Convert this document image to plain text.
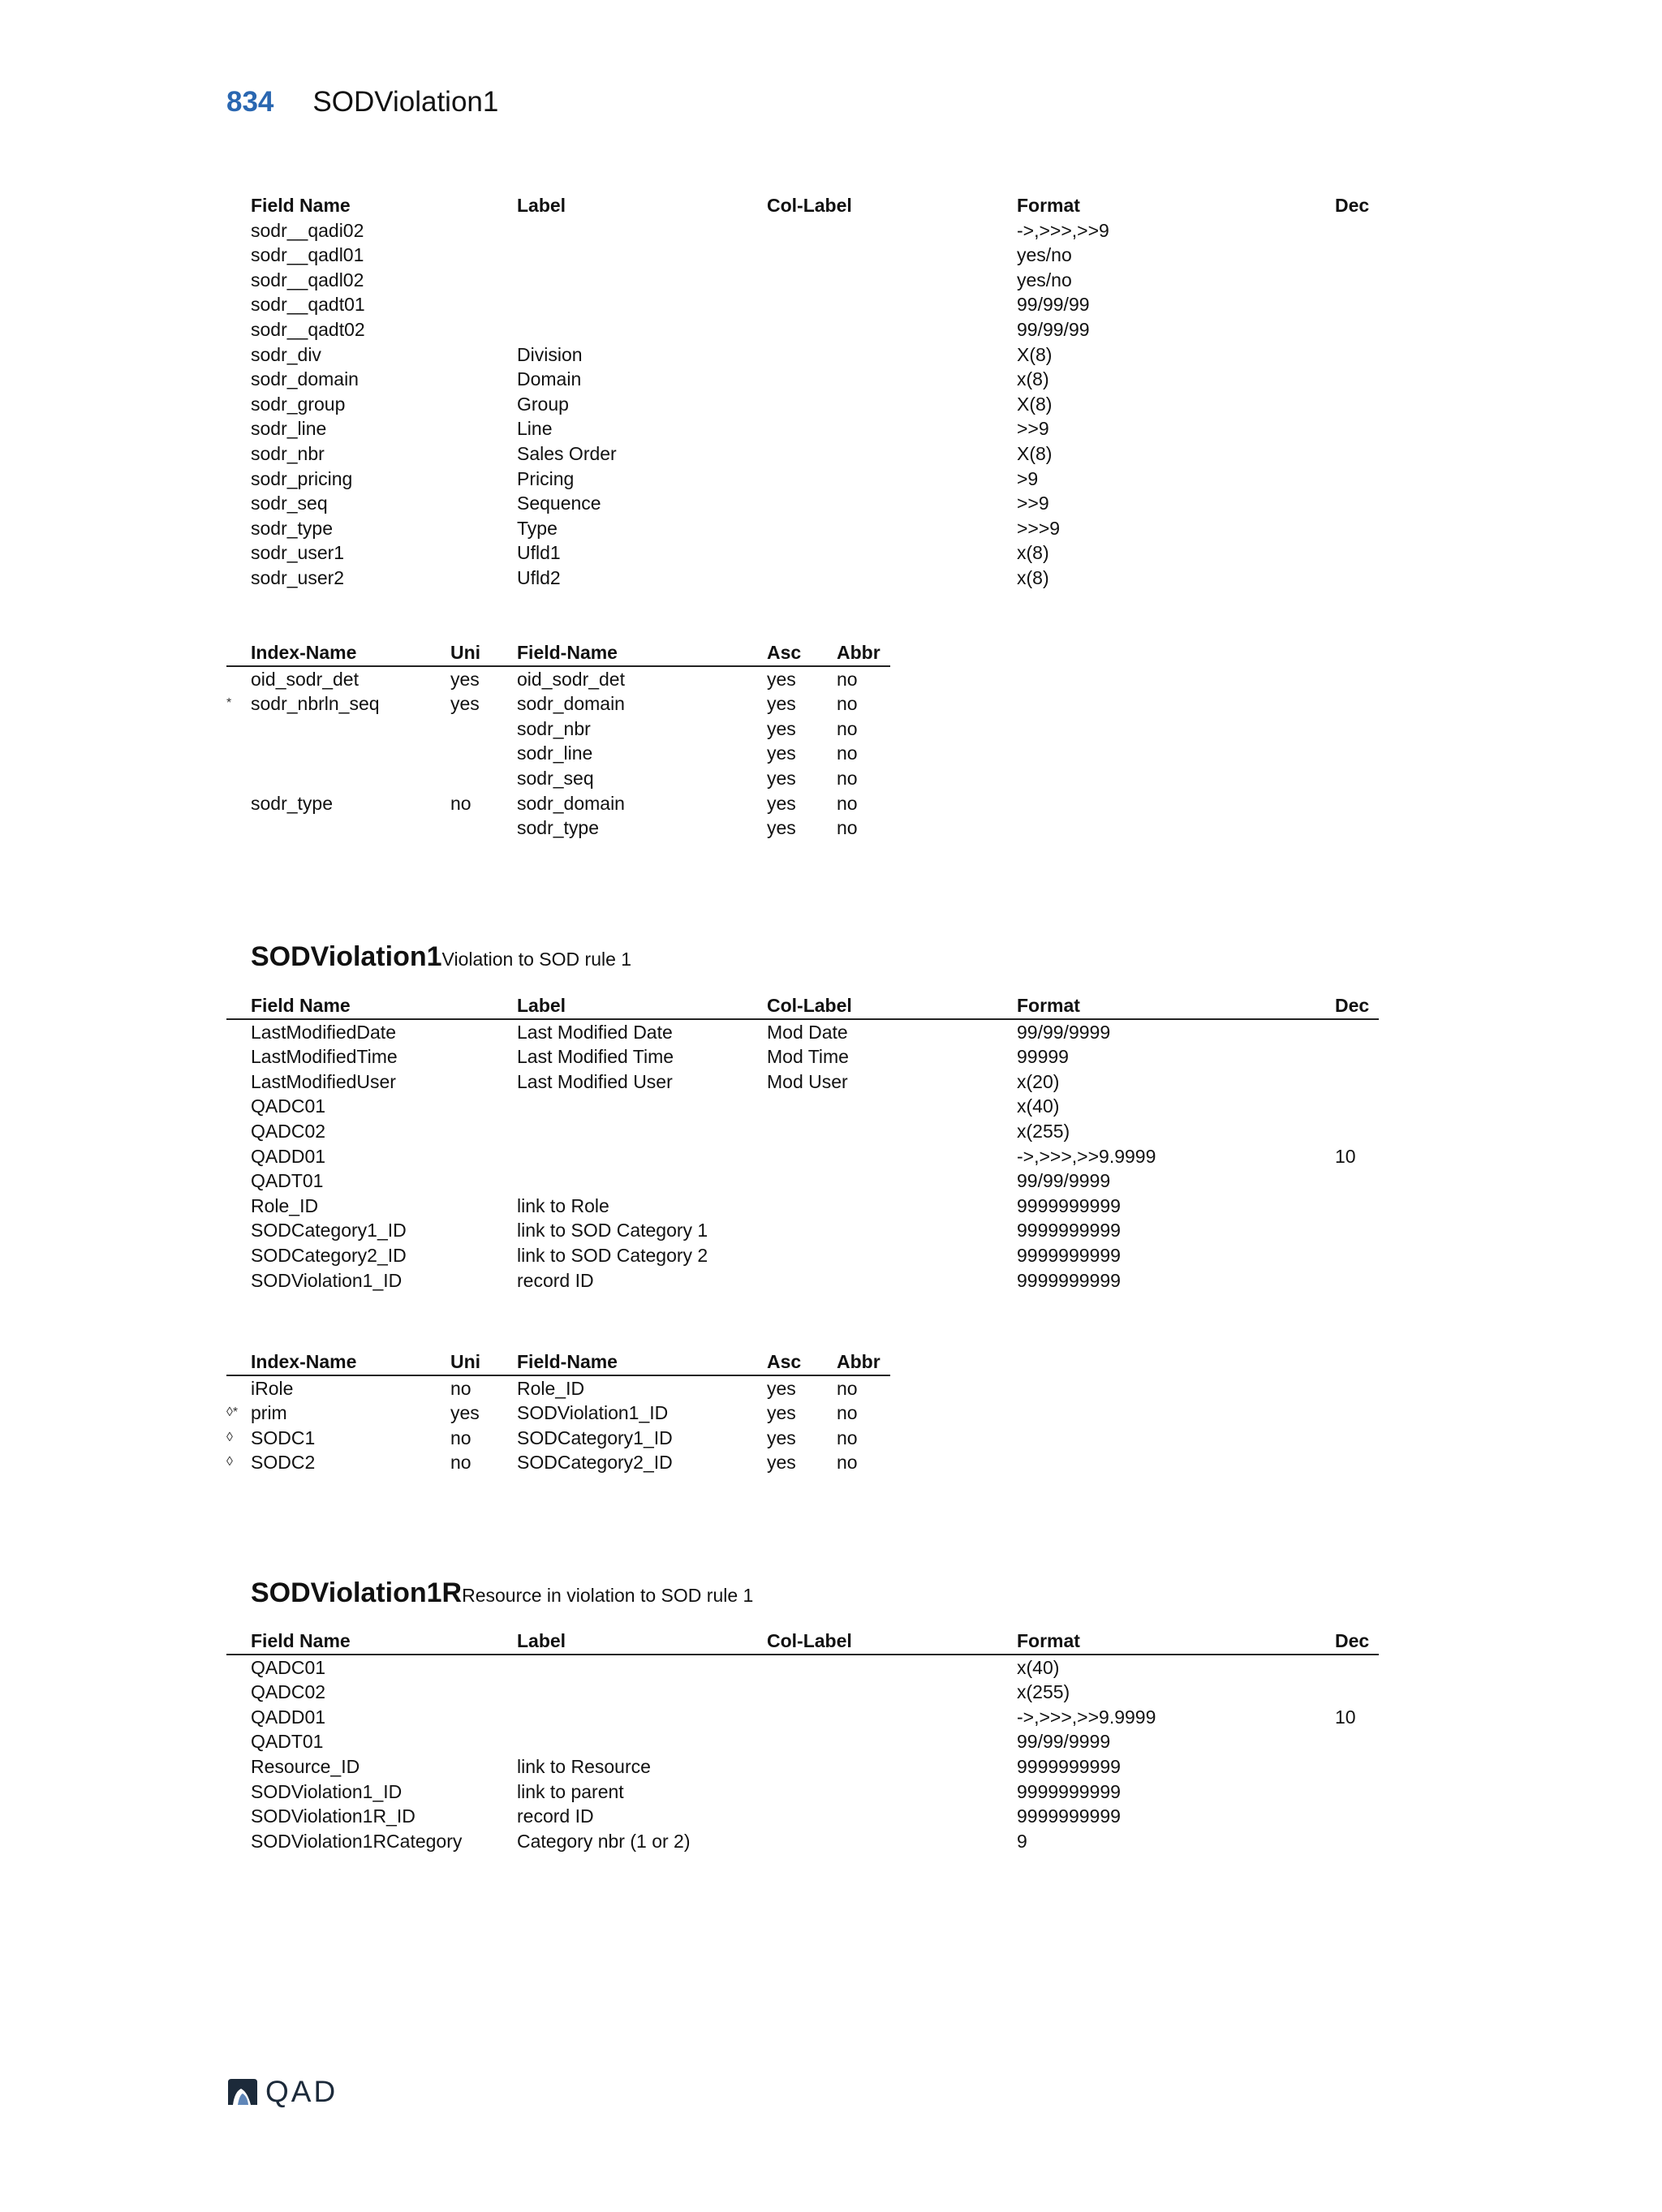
834 SODViolation1
	Field Name	Label	Col-Label	Format	Dec
	sodr__qadi02			->,>>>,>>9	
	sodr__qadl01			yes/no	
	sodr__qadl02			yes/no	
	sodr__qadt01			99/99/99	
	sodr__qadt02			99/99/99	
	sodr_div	Division		X(8)	
	sodr_domain	Domain		x(8)	
	sodr_group	Group		X(8)	
	sodr_line	Line		>>9	
	sodr_nbr	Sales Order		X(8)	
	sodr_pricing	Pricing		>9	
	sodr_seq	Sequence		>>9	
	sodr_type	Type		>>>9	
	sodr_user1	Ufld1		x(8)	
	sodr_user2	Ufld2		x(8)	
	Index-Name	Uni	Field-Name	Asc	Abbr
	oid_sodr_det	yes	oid_sodr_det	yes	no
*	sodr_nbrln_seq	yes	sodr_domain	yes	no
			sodr_nbr	yes	no
			sodr_line	yes	no
			sodr_seq	yes	no
	sodr_type	no	sodr_domain	yes	no
			sodr_type	yes	no
SODViolation1 Violation to SOD rule 1
	Field Name	Label	Col-Label	Format	Dec
	LastModifiedDate	Last Modified Date	Mod Date	99/99/9999	
	LastModifiedTime	Last Modified Time	Mod Time	99999	
	LastModifiedUser	Last Modified User	Mod User	x(20)	
	QADC01			x(40)	
	QADC02			x(255)	
	QADD01			->,>>>,>>9.9999	10
	QADT01			99/99/9999	
	Role_ID	link to Role		9999999999	
	SODCategory1_ID	link to SOD Category 1		9999999999	
	SODCategory2_ID	link to SOD Category 2		9999999999	
	SODViolation1_ID	record ID		9999999999	
	Index-Name	Uni	Field-Name	Asc	Abbr
	iRole	no	Role_ID	yes	no
◊*	prim	yes	SODViolation1_ID	yes	no
◊	SODC1	no	SODCategory1_ID	yes	no
◊	SODC2	no	SODCategory2_ID	yes	no
SODViolation1R Resource in violation to SOD rule 1
	Field Name	Label	Col-Label	Format	Dec
	QADC01			x(40)	
	QADC02			x(255)	
	QADD01			->,>>>,>>9.9999	10
	QADT01			99/99/9999	
	Resource_ID	link to Resource		9999999999	
	SODViolation1_ID	link to parent		9999999999	
	SODViolation1R_ID	record ID		9999999999	
	SODViolation1RCategory	Category nbr (1 or 2)		9	
QAD
